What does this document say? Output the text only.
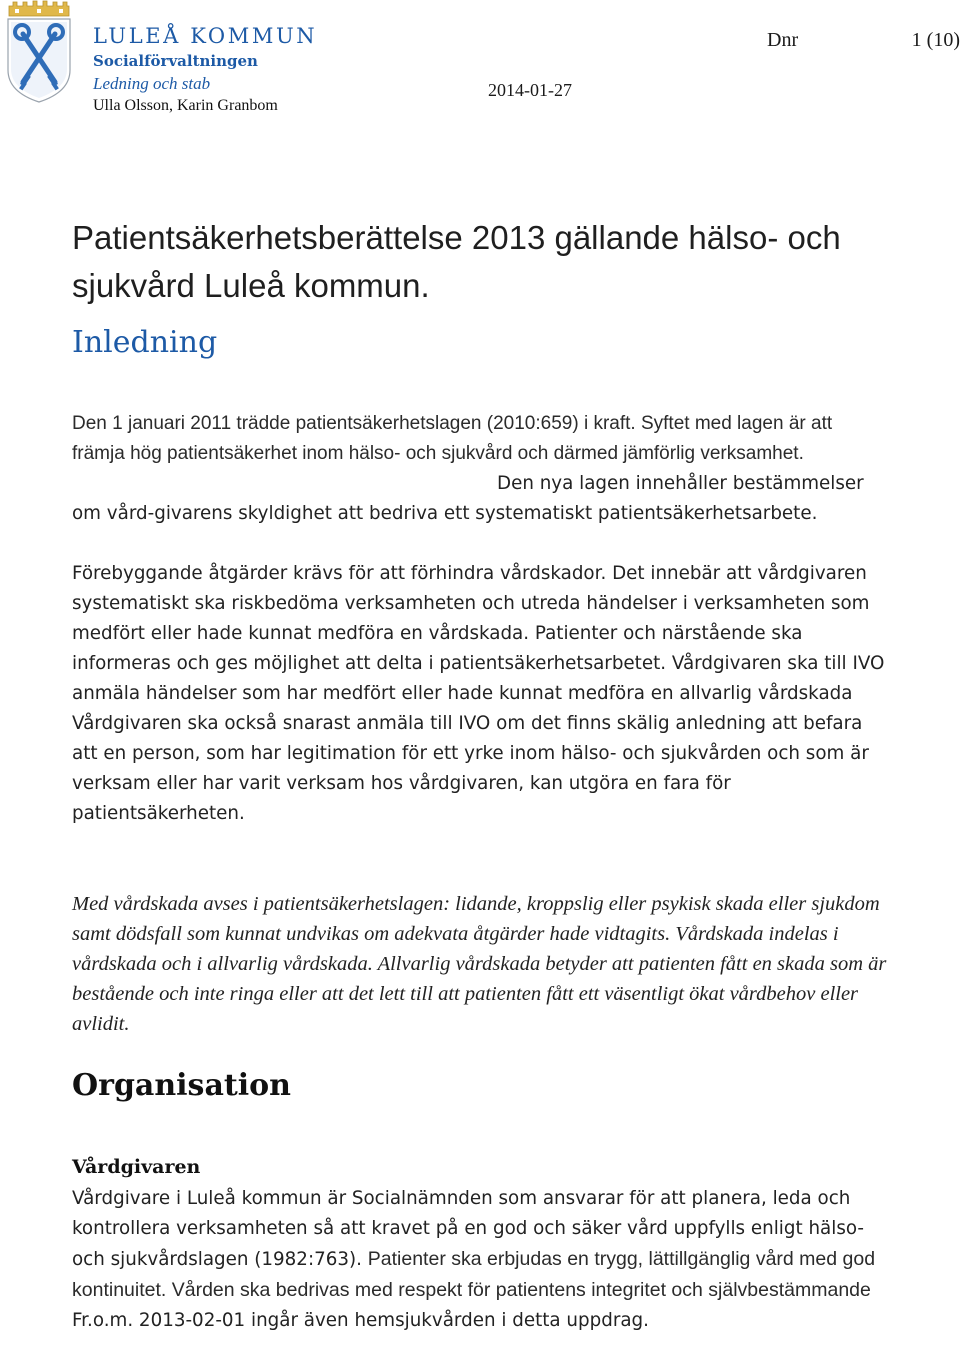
LULEÅ KOMMUN
Socialförvaltningen
Ledning och stab
Ulla Olsson, Karin Granbom
2014-01-27
Dnr	1 (10)
Patientsäkerhetsberättelse 2013 gällande hälso- och sjukvård Luleå kommun.
Inledning

Den 1 januari 2011 trädde patientsäkerhetslagen (2010:659) i kraft. Syftet med lagen är att främja hög patientsäkerhet inom hälso- och sjukvård och därmed jämförlig verksamhet.

Den nya lagen innehåller bestämmelser om vård-givarens skyldighet att bedriva ett systematiskt patientsäkerhetsarbete.

Förebyggande åtgärder krävs för att förhindra vårdskador. Det innebär att vårdgivaren systematiskt ska riskbedöma verksamheten och utreda händelser i verksamheten som medfört eller hade kunnat medföra en vårdskada. Patienter och närstående ska informeras och ges möjlighet att delta i patientsäkerhetsarbetet. Vårdgivaren ska till IVO anmäla händelser som har medfört eller hade kunnat medföra en allvarlig vårdskada Vårdgivaren ska också snarast anmäla till IVO om det finns skälig anledning att befara att en person, som har legitimation för ett yrke inom hälso- och sjukvården och som är verksam eller har varit verksam hos vårdgivaren, kan utgöra en fara för patientsäkerheten.

Med vårdskada avses i patientsäkerhetslagen: lidande, kroppslig eller psykisk skada eller sjukdom samt dödsfall som kunnat undvikas om adekvata åtgärder hade vidtagits. Vårdskada indelas i vårdskada och i allvarlig vårdskada. Allvarlig vårdskada betyder att patienten fått en skada som är bestående och inte ringa eller att det lett till att patienten fått ett väsentligt ökat vårdbehov eller avlidit.

Organisation
Vårdgivaren
Vårdgivare i Luleå kommun är Socialnämnden som ansvarar för att planera, leda och kontrollera verksamheten så att kravet på en god och säker vård uppfylls enligt hälso- och sjukvårdslagen (1982:763). Patienter ska erbjudas en trygg, lättillgänglig vård med god kontinuitet. Vården ska bedrivas med respekt för patientens integritet och självbestämmande
Fr.o.m. 2013-02-01 ingår även hemsjukvården i detta uppdrag.
